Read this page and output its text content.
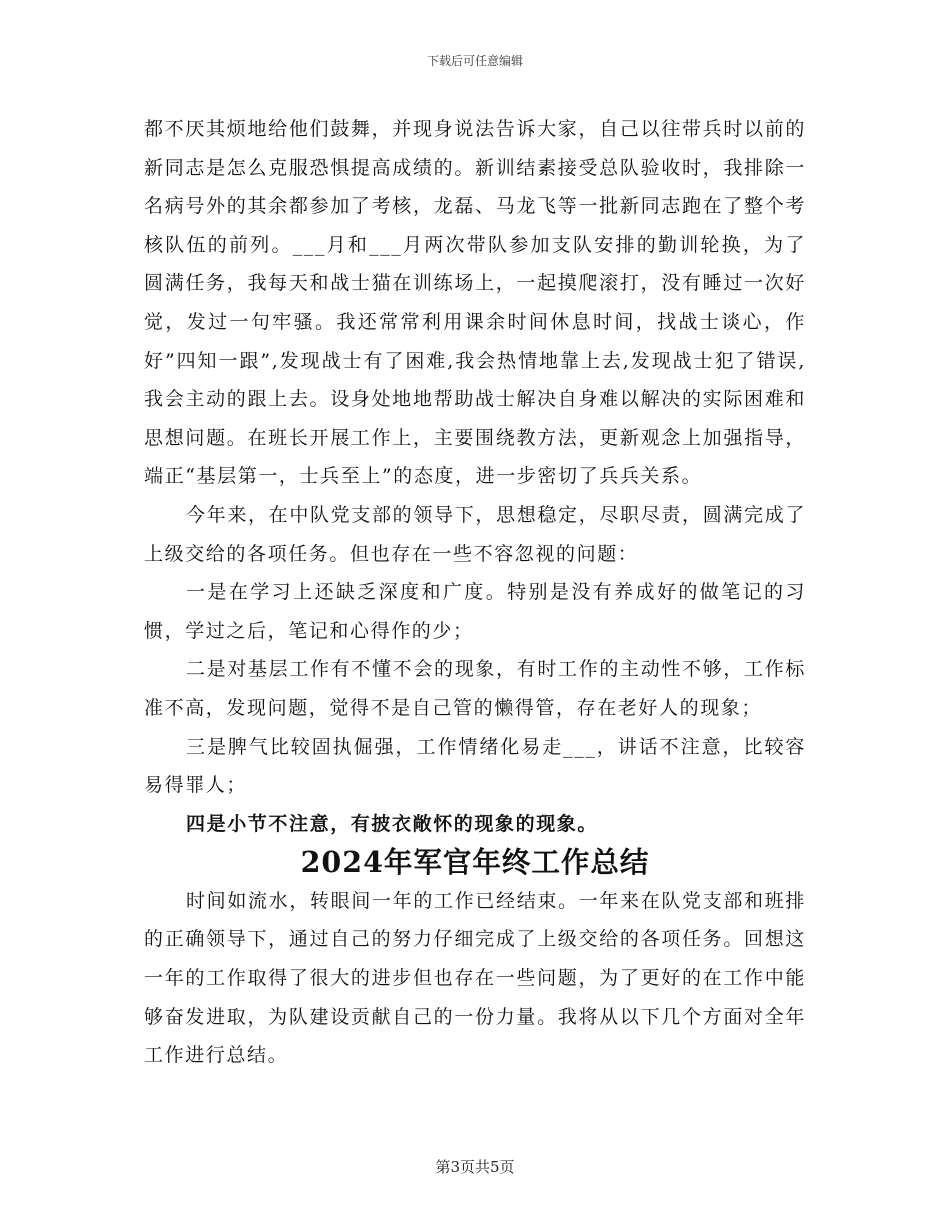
下载后可任意编辑

都不厌其烦地给他们鼓舞，并现身说法告诉大家，自己以往带兵时以前的新同志是怎么克服恐惧提高成绩的。新训结素接受总队验收时，我排除一名病号外的其余都参加了考核，龙磊、马龙飞等一批新同志跑在了整个考核队伍的前列。___月和___月两次带队参加支队安排的勤训轮换，为了圆满任务，我每天和战士猫在训练场上，一起摸爬滚打，没有睡过一次好觉，发过一句牢骚。我还常常利用课余时间休息时间，找战士谈心，作好”四知一跟”,发现战士有了困难,我会热情地靠上去,发现战士犯了错误,我会主动的跟上去。设身处地地帮助战士解决自身难以解决的实际困难和思想问题。在班长开展工作上，主要围绕教方法，更新观念上加强指导，端正“基层第一，士兵至上”的态度，进一步密切了兵兵关系。

今年来，在中队党支部的领导下，思想稳定，尽职尽责，圆满完成了上级交给的各项任务。但也存在一些不容忽视的问题：

一是在学习上还缺乏深度和广度。特别是没有养成好的做笔记的习惯，学过之后，笔记和心得作的少；

二是对基层工作有不懂不会的现象，有时工作的主动性不够，工作标准不高，发现问题，觉得不是自己管的懒得管，存在老好人的现象；

三是脾气比较固执倔强，工作情绪化易走___，讲话不注意，比较容易得罪人；

四是小节不注意，有披衣敞怀的现象的现象。

2024年军官年终工作总结

时间如流水，转眼间一年的工作已经结束。一年来在队党支部和班排的正确领导下，通过自己的努力仔细完成了上级交给的各项任务。回想这一年的工作取得了很大的进步但也存在一些问题，为了更好的在工作中能够奋发进取，为队建设贡献自己的一份力量。我将从以下几个方面对全年工作进行总结。

第3页共5页
